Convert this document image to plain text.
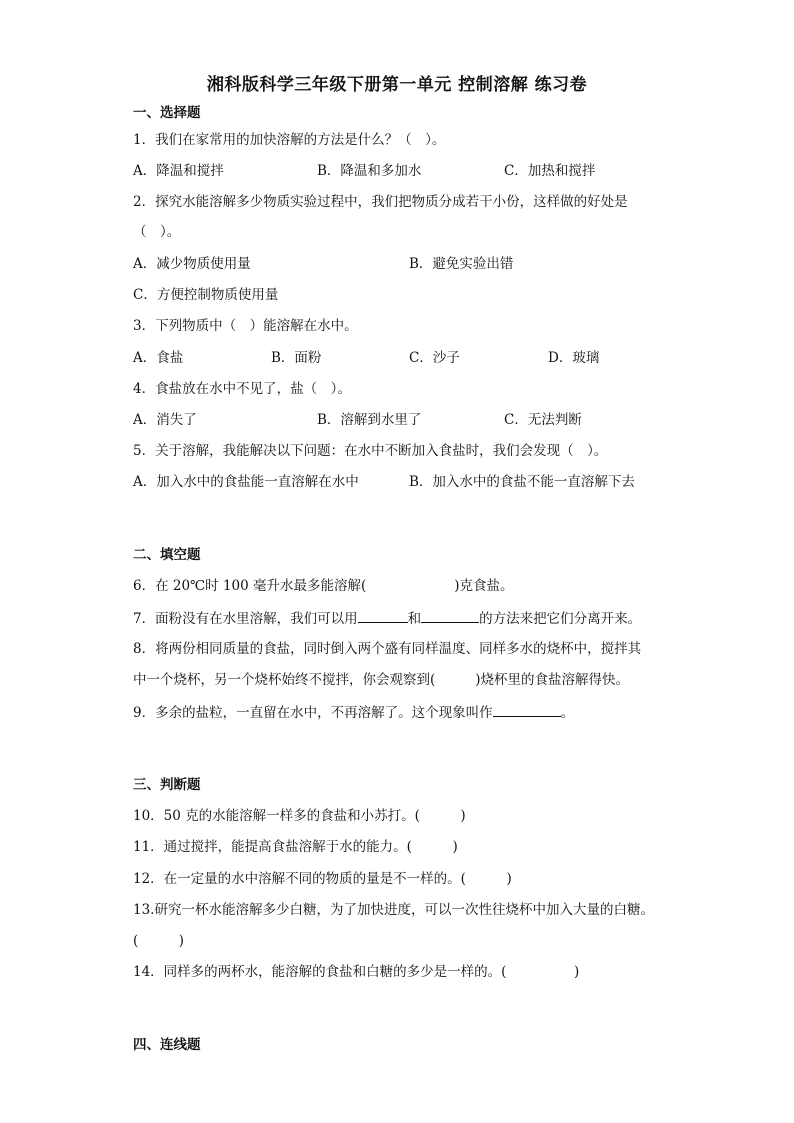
湘科版科学三年级下册第一单元 控制溶解 练习卷
一、选择题
1．我们在家常用的加快溶解的方法是什么？（　）。
A．降温和搅拌	B．降温和多加水	C．加热和搅拌
2．探究水能溶解多少物质实验过程中，我们把物质分成若干小份，这样做的好处是
（　）。
A．减少物质使用量	B．避免实验出错
C．方便控制物质使用量
3．下列物质中（　）能溶解在水中。
A．食盐	B．面粉	C．沙子	D．玻璃
4．食盐放在水中不见了，盐（　）。
A．消失了	B．溶解到水里了	C．无法判断
5．关于溶解，我能解决以下问题：在水中不断加入食盐时，我们会发现（　）。
A．加入水中的食盐能一直溶解在水中	B．加入水中的食盐不能一直溶解下去
二、填空题
6．在 20℃时 100 毫升水最多能溶解(	)克食盐。
7．面粉没有在水里溶解，我们可以用	和	的方法来把它们分离开来。
8．将两份相同质量的食盐，同时倒入两个盛有同样温度、同样多水的烧杯中，搅拌其
中一个烧杯，另一个烧杯始终不搅拌，你会观察到(	)烧杯里的食盐溶解得快。
9．多余的盐粒，一直留在水中，不再溶解了。这个现象叫作	。
三、判断题
10．50 克的水能溶解一样多的食盐和小苏打。(　　　)
11．通过搅拌，能提高食盐溶解于水的能力。(　　　)
12．在一定量的水中溶解不同的物质的量是不一样的。(　　　)
13.研究一杯水能溶解多少白糖，为了加快进度，可以一次性往烧杯中加入大量的白糖。
(　　　)
14．同样多的两杯水，能溶解的食盐和白糖的多少是一样的。(　　　　　)
四、连线题
